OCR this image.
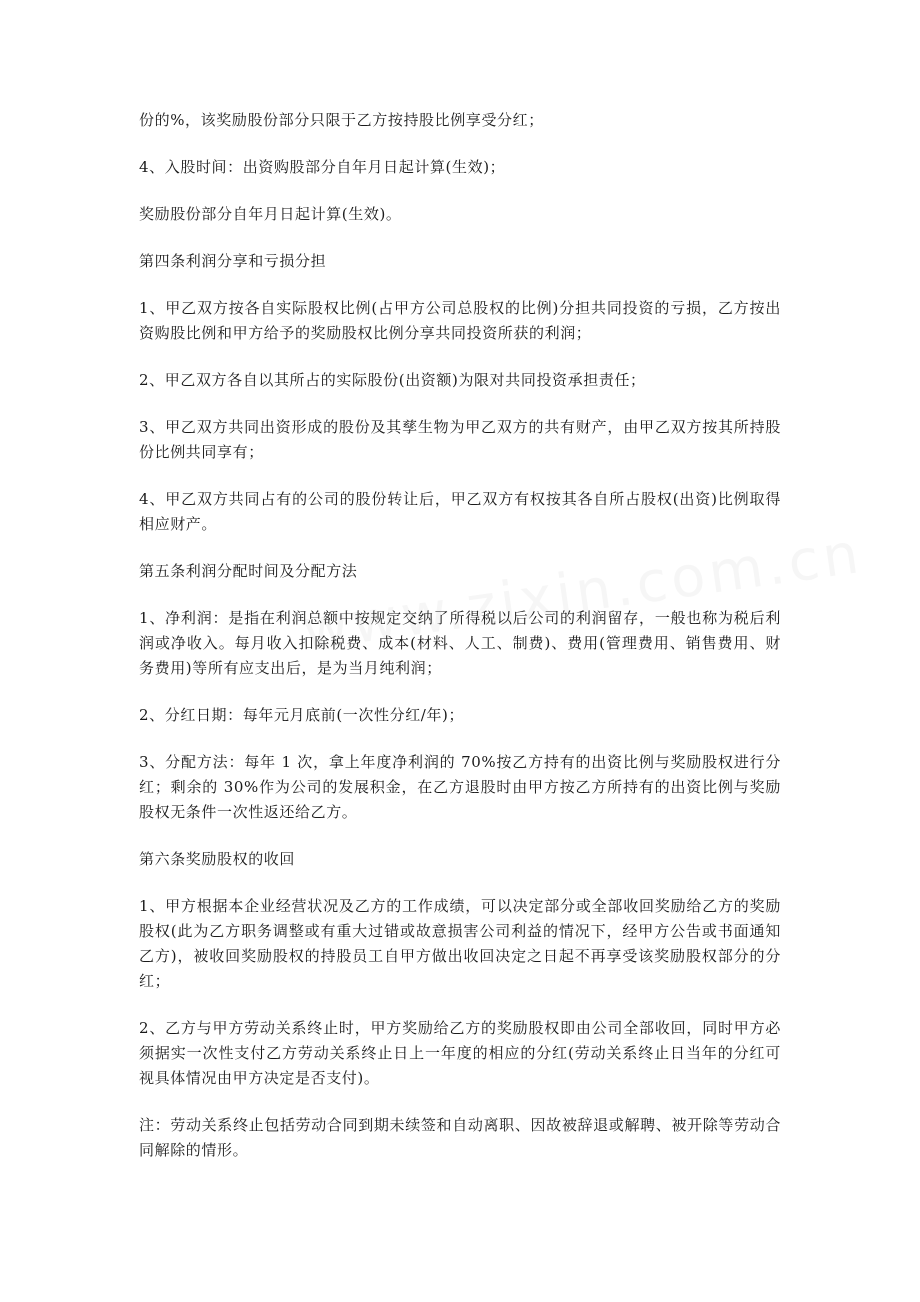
份的%，该奖励股份部分只限于乙方按持股比例享受分红；

4、入股时间：出资购股部分自年月日起计算(生效)；

奖励股份部分自年月日起计算(生效)。

第四条利润分享和亏损分担

1、甲乙双方按各自实际股权比例(占甲方公司总股权的比例)分担共同投资的亏损，乙方按出资购股比例和甲方给予的奖励股权比例分享共同投资所获的利润；

2、甲乙双方各自以其所占的实际股份(出资额)为限对共同投资承担责任；

3、甲乙双方共同出资形成的股份及其孳生物为甲乙双方的共有财产，由甲乙双方按其所持股份比例共同享有；

4、甲乙双方共同占有的公司的股份转让后，甲乙双方有权按其各自所占股权(出资)比例取得相应财产。

第五条利润分配时间及分配方法

1、净利润：是指在利润总额中按规定交纳了所得税以后公司的利润留存，一般也称为税后利润或净收入。每月收入扣除税费、成本(材料、人工、制费)、费用(管理费用、销售费用、财务费用)等所有应支出后，是为当月纯利润；

2、分红日期：每年元月底前(一次性分红/年)；

3、分配方法：每年 1 次，拿上年度净利润的 70%按乙方持有的出资比例与奖励股权进行分红；剩余的 30%作为公司的发展积金，在乙方退股时由甲方按乙方所持有的出资比例与奖励股权无条件一次性返还给乙方。

第六条奖励股权的收回

1、甲方根据本企业经营状况及乙方的工作成绩，可以决定部分或全部收回奖励给乙方的奖励股权(此为乙方职务调整或有重大过错或故意损害公司利益的情况下，经甲方公告或书面通知乙方)，被收回奖励股权的持股员工自甲方做出收回决定之日起不再享受该奖励股权部分的分红；

2、乙方与甲方劳动关系终止时，甲方奖励给乙方的奖励股权即由公司全部收回，同时甲方必须据实一次性支付乙方劳动关系终止日上一年度的相应的分红(劳动关系终止日当年的分红可视具体情况由甲方决定是否支付)。

注：劳动关系终止包括劳动合同到期未续签和自动离职、因故被辞退或解聘、被开除等劳动合同解除的情形。
